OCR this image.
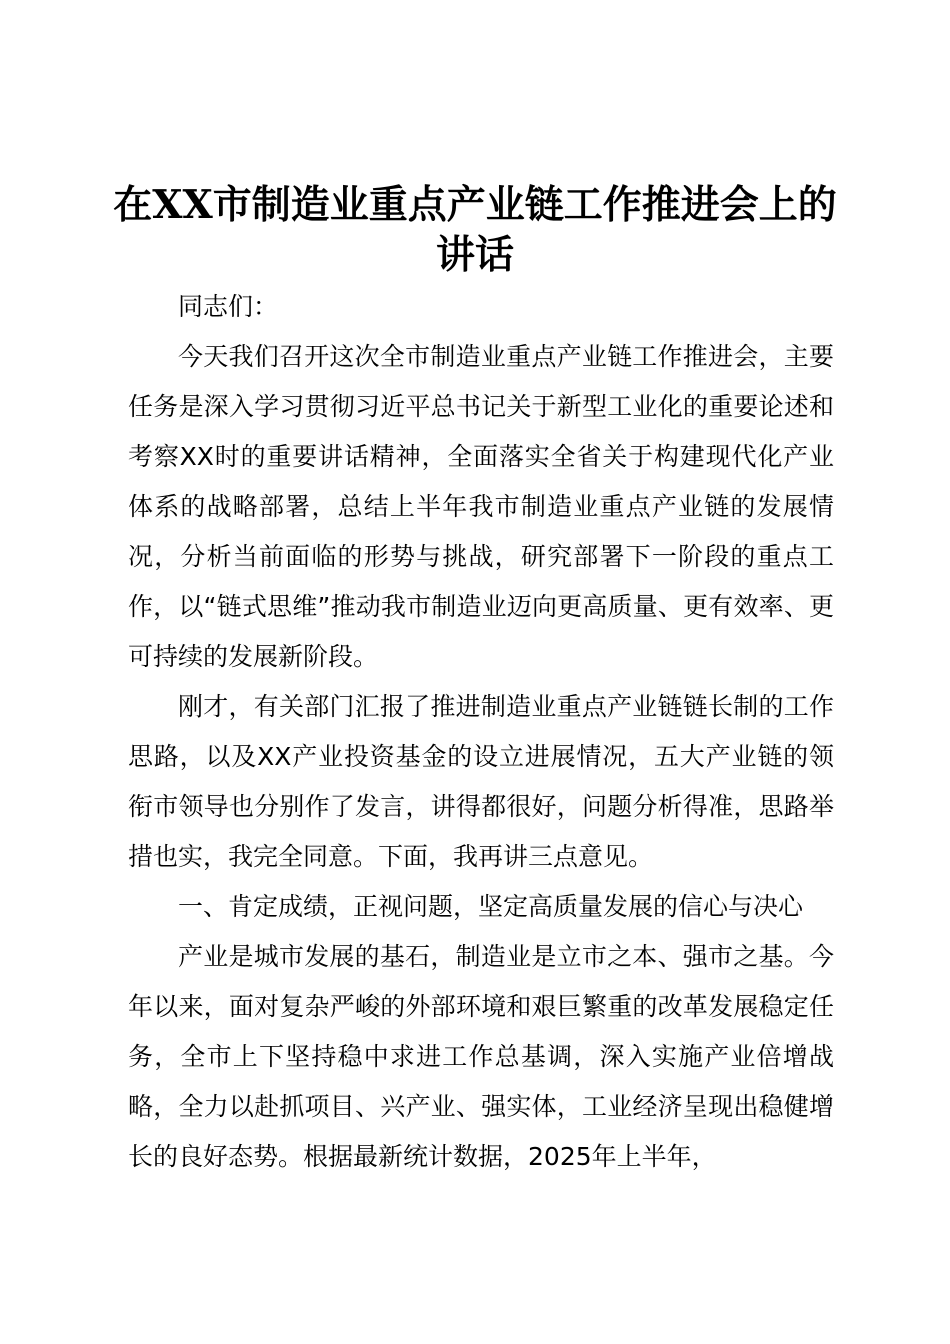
在XX市制造业重点产业链工作推进会上的讲话

同志们：

今天我们召开这次全市制造业重点产业链工作推进会，主要任务是深入学习贯彻习近平总书记关于新型工业化的重要论述和考察XX时的重要讲话精神，全面落实全省关于构建现代化产业体系的战略部署，总结上半年我市制造业重点产业链的发展情况，分析当前面临的形势与挑战，研究部署下一阶段的重点工作，以“链式思维”推动我市制造业迈向更高质量、更有效率、更可持续的发展新阶段。

刚才，有关部门汇报了推进制造业重点产业链链长制的工作思路，以及XX产业投资基金的设立进展情况，五大产业链的领衔市领导也分别作了发言，讲得都很好，问题分析得准，思路举措也实，我完全同意。下面，我再讲三点意见。

一、肯定成绩，正视问题，坚定高质量发展的信心与决心

产业是城市发展的基石，制造业是立市之本、强市之基。今年以来，面对复杂严峻的外部环境和艰巨繁重的改革发展稳定任务，全市上下坚持稳中求进工作总基调，深入实施产业倍增战略，全力以赴抓项目、兴产业、强实体，工业经济呈现出稳健增长的良好态势。根据最新统计数据，2025年上半年，
